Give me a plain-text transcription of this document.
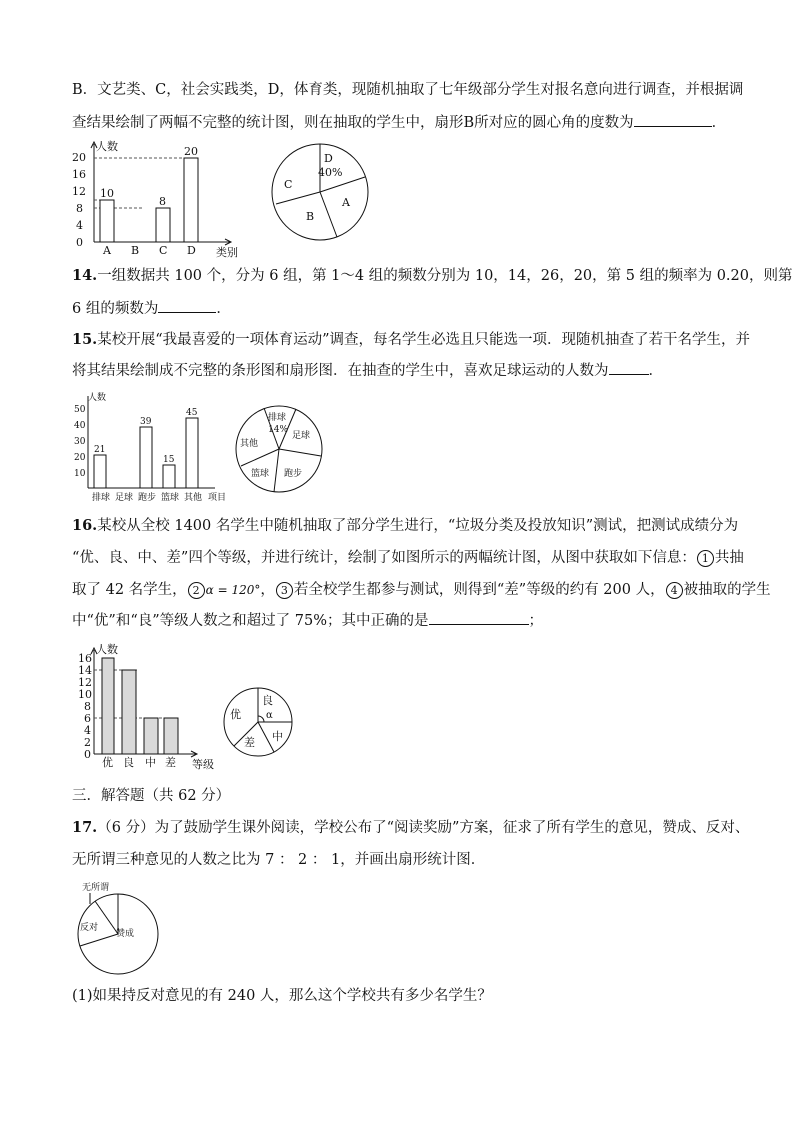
B．文艺类、C，社会实践类，D，体育类，现随机抽取了七年级部分学生对报名意向进行调查，并根据调
查结果绘制了两幅不完整的统计图，则在抽取的学生中，扇形B所对应的圆心角的度数为	．
人数
类别
0
4
8
12
16
20
10
8
20
A B C D
D
40%
C
B
A
14.一组数据共 100 个，分为 6 组，第 1～4 组的频数分别为 10，14，26，20，第 5 组的频率为 0.20，则第
6 组的频数为	．
15.某校开展“我最喜爱的一项体育运动”调查，每名学生必选且只能选一项．现随机抽查了若干名学生，并
将其结果绘制成不完整的条形图和扇形图．在抽查的学生中，喜欢足球运动的人数为	．
人数
10
20
30
40
50
21
39
15
45
排球 足球 跑步 篮球 其他 项目
排球
14%
足球
其他
跑步
篮球
16.某校从全校 1400 名学生中随机抽取了部分学生进行，“垃圾分类及投放知识”测试，把测试成绩分为
“优、良、中、差”四个等级，并进行统计，绘制了如图所示的两幅统计图，从图中获取如下信息： 1 共抽
取了 42 名学生， 2 α = 120°， 3 若全校学生都参与测试，则得到“差”等级的约有 200 人， 4 被抽取的学生
中“优”和“良”等级人数之和超过了 75%；其中正确的是	；
人数
等级
0
2
4
6
8
10
12
14
16
优 良 中 差
优
良
α
中
差
三．解答题（共 62 分）
17.（6 分）为了鼓励学生课外阅读，学校公布了“阅读奖励”方案，征求了所有学生的意见，赞成、反对、
无所谓三种意见的人数之比为 7 ： 2 ： 1，并画出扇形统计图．
无所谓
反对
赞成
(1)如果持反对意见的有 240 人，那么这个学校共有多少名学生？
